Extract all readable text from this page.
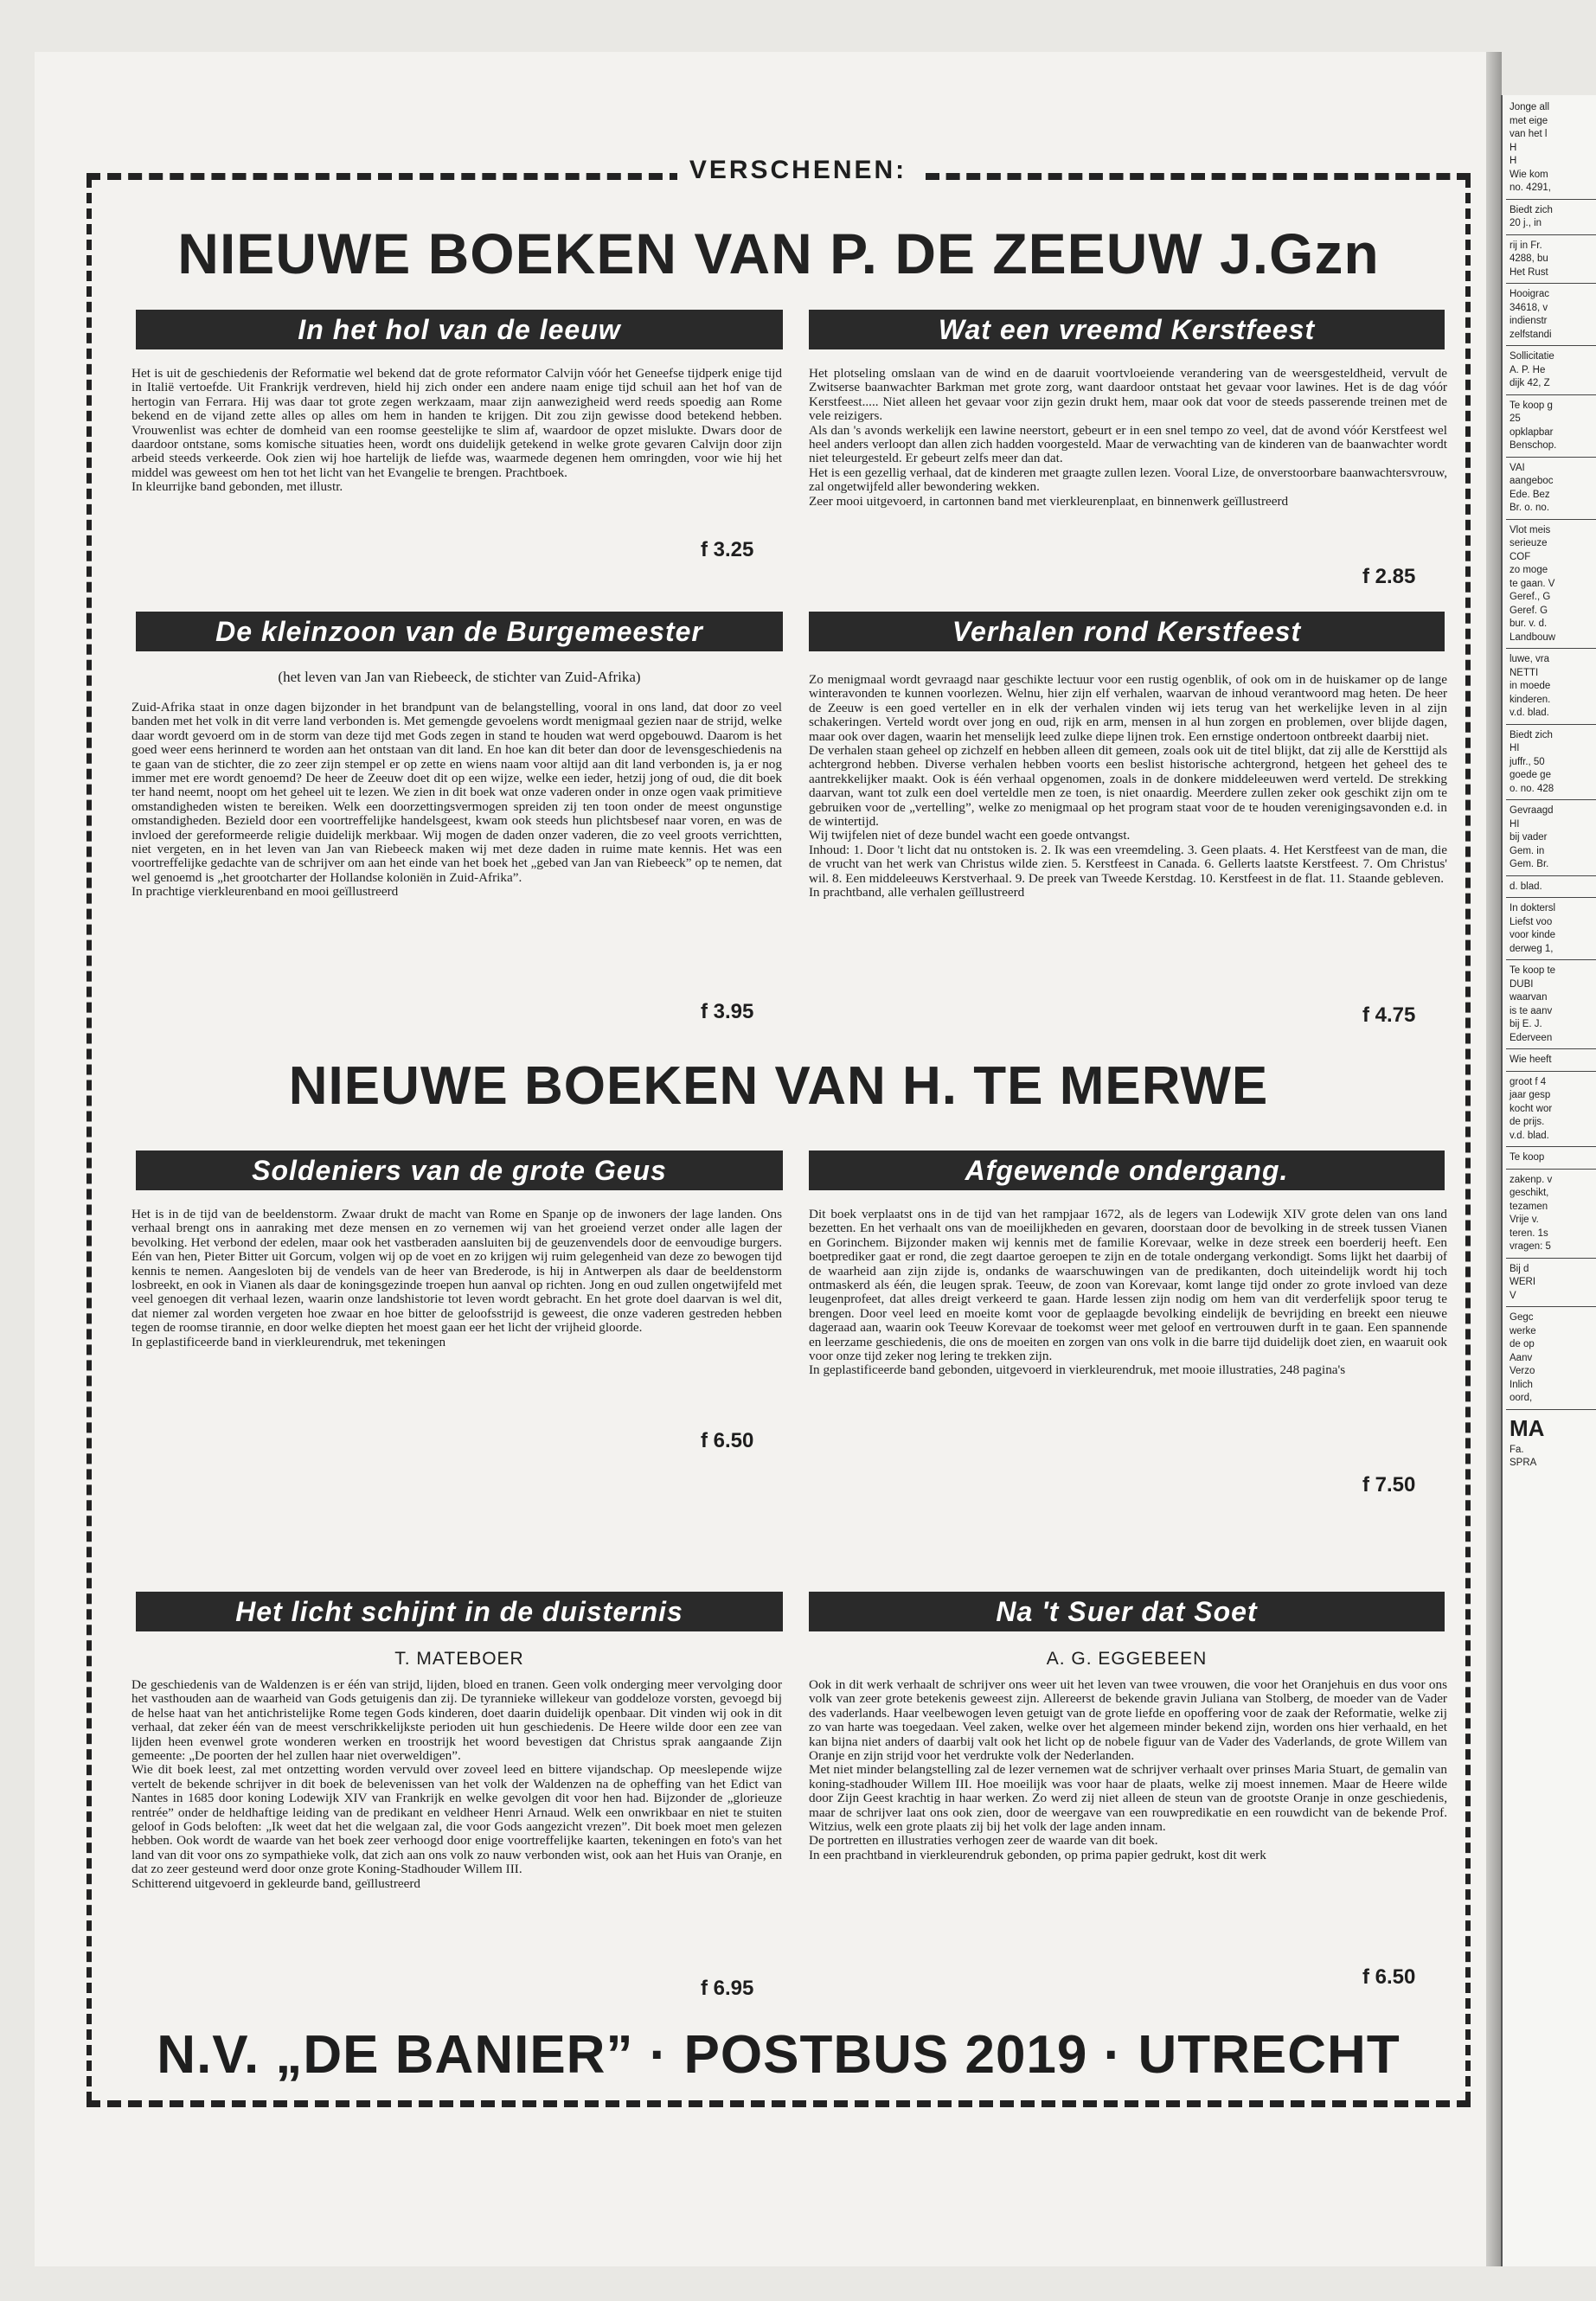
VERSCHENEN:
NIEUWE BOEKEN VAN P. DE ZEEUW J.Gzn
In het hol van de leeuw

Het is uit de geschiedenis der Reformatie wel bekend dat de grote reformator Calvijn vóór het Geneefse tijdperk enige tijd in Italië vertoefde. Uit Frankrijk verdreven, hield hij zich onder een andere naam enige tijd schuil aan het hof van de hertogin van Ferrara. Hij was daar tot grote zegen werkzaam, maar zijn aanwezigheid werd reeds spoedig aan Rome bekend en de vijand zette alles op alles om hem in handen te krijgen. Dit zou zijn gewisse dood betekend hebben. Vrouwenlist was echter de domheid van een roomse geestelijke te slim af, waardoor de opzet mislukte. Dwars door de daardoor ontstane, soms komische situaties heen, wordt ons duidelijk getekend in welke grote gevaren Calvijn door zijn arbeid steeds verkeerde. Ook zien wij hoe hartelijk de liefde was, waarmede degenen hem omringden, voor wie hij het middel was geweest om hen tot het licht van het Evangelie te brengen. Prachtboek.
In kleurrijke band gebonden, met illustr.

f 3.25
Wat een vreemd Kerstfeest

Het plotseling omslaan van de wind en de daaruit voortvloeiende verandering van de weersgesteldheid, vervult de Zwitserse baanwachter Barkman met grote zorg, want daardoor ontstaat het gevaar voor lawines. Het is de dag vóór Kerstfeest..... Niet alleen het gevaar voor zijn gezin drukt hem, maar ook dat voor de steeds passerende treinen met de vele reizigers.
Als dan 's avonds werkelijk een lawine neerstort, gebeurt er in een snel tempo zo veel, dat de avond vóór Kerstfeest wel heel anders verloopt dan allen zich hadden voorgesteld. Maar de verwachting van de kinderen van de baanwachter wordt niet teleurgesteld. Er gebeurt zelfs meer dan dat.
Het is een gezellig verhaal, dat de kinderen met graagte zullen lezen. Vooral Lize, de onverstoorbare baanwachtersvrouw, zal ongetwijfeld aller bewondering wekken.
Zeer mooi uitgevoerd, in cartonnen band met vierkleurenplaat, en binnenwerk geïllustreerd

f 2.85
De kleinzoon van de Burgemeester
(het leven van Jan van Riebeeck, de stichter van Zuid-Afrika)

Zuid-Afrika staat in onze dagen bijzonder in het brandpunt van de belangstelling, vooral in ons land, dat door zo veel banden met het volk in dit verre land verbonden is. Met gemengde gevoelens wordt menigmaal gezien naar de strijd, welke daar wordt gevoerd om in de storm van deze tijd met Gods zegen in stand te houden wat werd opgebouwd. Daarom is het goed weer eens herinnerd te worden aan het ontstaan van dit land. En hoe kan dit beter dan door de levensgeschiedenis na te gaan van de stichter, die zo zeer zijn stempel er op zette en wiens naam voor altijd aan dit land verbonden is, ja er nog immer met ere wordt genoemd? De heer de Zeeuw doet dit op een wijze, welke een ieder, hetzij jong of oud, die dit boek ter hand neemt, noopt om het geheel uit te lezen. We zien in dit boek wat onze vaderen onder in onze ogen vaak primitieve omstandigheden wisten te bereiken. Welk een doorzettingsvermogen spreiden zij ten toon onder de meest ongunstige omstandigheden. Bezield door een voortreffelijke handelsgeest, kwam ook steeds hun plichtsbesef naar voren, en was de invloed der gereformeerde religie duidelijk merkbaar. Wij mogen de daden onzer vaderen, die zo veel groots verrichtten, niet vergeten, en in het leven van Jan van Riebeeck maken wij met deze daden in ruime mate kennis. Het was een voortreffelijke gedachte van de schrijver om aan het einde van het boek het „gebed van Jan van Riebeeck” op te nemen, dat wel genoemd is „het grootcharter der Hollandse koloniën in Zuid-Afrika”.
In prachtige vierkleurenband en mooi geïllustreerd

f 3.95
Verhalen rond Kerstfeest

Zo menigmaal wordt gevraagd naar geschikte lectuur voor een rustig ogenblik, of ook om in de huiskamer op de lange winteravonden te kunnen voorlezen. Welnu, hier zijn elf verhalen, waarvan de inhoud verantwoord mag heten. De heer de Zeeuw is een goed verteller en in elk der verhalen vinden wij iets terug van het werkelijke leven in al zijn schakeringen. Verteld wordt over jong en oud, rijk en arm, mensen in al hun zorgen en problemen, over blijde dagen, maar ook over dagen, waarin het menselijk leed zulke diepe lijnen trok. Een ernstige ondertoon ontbreekt daarbij niet.
De verhalen staan geheel op zichzelf en hebben alleen dit gemeen, zoals ook uit de titel blijkt, dat zij alle de Kersttijd als achtergrond hebben. Diverse verhalen hebben voorts een beslist historische achtergrond, hetgeen het geheel des te aantrekkelijker maakt. Ook is één verhaal opgenomen, zoals in de donkere middeleeuwen werd verteld. De strekking daarvan, want tot zulk een doel verteldle men ze toen, is niet onaardig. Meerdere zullen zeker ook geschikt zijn om te gebruiken voor de „vertelling”, welke zo menigmaal op het program staat voor de te houden verenigingsavonden e.d. in de wintertijd.
Wij twijfelen niet of deze bundel wacht een goede ontvangst.
Inhoud: 1. Door 't licht dat nu ontstoken is. 2. Ik was een vreemdeling. 3. Geen plaats. 4. Het Kerstfeest van de man, die de vrucht van het werk van Christus wilde zien. 5. Kerstfeest in Canada. 6. Gellerts laatste Kerstfeest. 7. Om Christus' wil. 8. Een middeleeuws Kerstverhaal. 9. De preek van Tweede Kerstdag. 10. Kerstfeest in de flat. 11. Staande gebleven.
In prachtband, alle verhalen geïllustreerd

f 4.75
NIEUWE BOEKEN VAN H. TE MERWE
Soldeniers van de grote Geus

Het is in de tijd van de beeldenstorm. Zwaar drukt de macht van Rome en Spanje op de inwoners der lage landen. Ons verhaal brengt ons in aanraking met deze mensen en zo vernemen wij van het groeiend verzet onder alle lagen der bevolking. Het verbond der edelen, maar ook het vastberaden aansluiten bij de geuzenvendels door de eenvoudige burgers. Eén van hen, Pieter Bitter uit Gorcum, volgen wij op de voet en zo krijgen wij ruim gelegenheid van deze zo bewogen tijd kennis te nemen. Aangesloten bij de vendels van de heer van Brederode, is hij in Antwerpen als daar de beeldenstorm losbreekt, en ook in Vianen als daar de koningsgezinde troepen hun aanval op richten. Jong en oud zullen ongetwijfeld met veel genoegen dit verhaal lezen, waarin onze landshistorie tot leven wordt gebracht. En het grote doel daarvan is wel dit, dat niemer zal worden vergeten hoe zwaar en hoe bitter de geloofsstrijd is geweest, die onze vaderen gestreden hebben tegen de roomse tirannie, en door welke diepten het moest gaan eer het licht der vrijheid gloorde.
In geplastificeerde band in vierkleurendruk, met tekeningen

f 6.50
Afgewende ondergang.

Dit boek verplaatst ons in de tijd van het rampjaar 1672, als de legers van Lodewijk XIV grote delen van ons land bezetten. En het verhaalt ons van de moeilijkheden en gevaren, doorstaan door de bevolking in de streek tussen Vianen en Gorinchem. Bijzonder maken wij kennis met de familie Korevaar, welke in deze streek een boerderij heeft. Een boetprediker gaat er rond, die zegt daartoe geroepen te zijn en de totale ondergang verkondigt. Soms lijkt het daarbij of de waarheid aan zijn zijde is, ondanks de waarschuwingen van de predikanten, doch uiteindelijk wordt hij toch ontmaskerd als één, die leugen sprak. Teeuw, de zoon van Korevaar, komt lange tijd onder zo grote invloed van deze leugenprofeet, dat alles dreigt verkeerd te gaan. Harde lessen zijn nodig om hem van dit verderfelijk spoor terug te brengen. Door veel leed en moeite komt voor de geplaagde bevolking eindelijk de bevrijding en breekt een nieuwe dageraad aan, waarin ook Teeuw Korevaar de toekomst weer met geloof en vertrouwen durft in te gaan. Een spannende en leerzame geschiedenis, die ons de moeiten en zorgen van ons volk in die barre tijd duidelijk doet zien, en waaruit ook voor onze tijd zeker nog lering te trekken zijn.
In geplastificeerde band gebonden, uitgevoerd in vierkleurendruk, met mooie illustraties, 248 pagina's

f 7.50
Het licht schijnt in de duisternis
T. MATEBOER

De geschiedenis van de Waldenzen is er één van strijd, lijden, bloed en tranen. Geen volk onderging meer vervolging door het vasthouden aan de waarheid van Gods getuigenis dan zij. De tyrannieke willekeur van goddeloze vorsten, gevoegd bij de helse haat van het antichristelijke Rome tegen Gods kinderen, doet daarin duidelijk openbaar. Dit vinden wij ook in dit verhaal, dat zeker één van de meest verschrikkelijkste perioden uit hun geschiedenis. De Heere wilde door een zee van lijden heen evenwel grote wonderen werken en troostrijk het woord bevestigen dat Christus sprak aangaande Zijn gemeente: „De poorten der hel zullen haar niet overweldigen”.
Wie dit boek leest, zal met ontzetting worden vervuld over zoveel leed en bittere vijandschap. Op meeslepende wijze vertelt de bekende schrijver in dit boek de belevenissen van het volk der Waldenzen na de opheffing van het Edict van Nantes in 1685 door koning Lodewijk XIV van Frankrijk en welke gevolgen dit voor hen had. Bijzonder de „glorieuze rentrée” onder de heldhaftige leiding van de predikant en veldheer Henri Arnaud. Welk een onwrikbaar en niet te stuiten geloof in Gods beloften: „Ik weet dat het die welgaan zal, die voor Gods aangezicht vrezen”. Dit boek moet men gelezen hebben. Ook wordt de waarde van het boek zeer verhoogd door enige voortreffelijke kaarten, tekeningen en foto's van het land van dit voor ons zo sympathieke volk, dat zich aan ons volk zo nauw verbonden wist, ook aan het Huis van Oranje, en dat zo zeer gesteund werd door onze grote Koning-Stadhouder Willem III.
Schitterend uitgevoerd in gekleurde band, geïllustreerd

f 6.95
Na 't Suer dat Soet
A. G. EGGEBEEN

Ook in dit werk verhaalt de schrijver ons weer uit het leven van twee vrouwen, die voor het Oranjehuis en dus voor ons volk van zeer grote betekenis geweest zijn. Allereerst de bekende gravin Juliana van Stolberg, de moeder van de Vader des vaderlands. Haar veelbewogen leven getuigt van de grote liefde en opoffering voor de zaak der Reformatie, welke zij zo van harte was toegedaan. Veel zaken, welke over het algemeen minder bekend zijn, worden ons hier verhaald, en het kan bijna niet anders of daarbij valt ook het licht op de nobele figuur van de Vader des Vaderlands, de grote Willem van Oranje en zijn strijd voor het verdrukte volk der Nederlanden.
Met niet minder belangstelling zal de lezer vernemen wat de schrijver verhaalt over prinses Maria Stuart, de gemalin van koning-stadhouder Willem III. Hoe moeilijk was voor haar de plaats, welke zij moest innemen. Maar de Heere wilde door Zijn Geest krachtig in haar werken. Zo werd zij niet alleen de steun van de grootste Oranje in onze geschiedenis, maar de schrijver laat ons ook zien, door de weergave van een rouwpredikatie en een rouwdicht van de bekende Prof. Witzius, welk een grote plaats zij bij het volk der lage anden innam.
De portretten en illustraties verhogen zeer de waarde van dit boek.
In een prachtband in vierkleurendruk gebonden, op prima papier gedrukt, kost dit werk

f 6.50
N.V. „DE BANIER” · POSTBUS 2019 · UTRECHT
Jonge all
met eige
van het l
H
H
Wie kom
no. 4291,
Biedt zich
20 j., in
rij in Fr.
4288, bu
Het Rust
Hooigrac
34618, v
indienstr
zelfstandi
Sollicitatie
A. P. He
dijk 42, Z
Te koop g
25
opklapbar
Benschop.
VAI
aangeboc
Ede. Bez
Br. o. no.
Vlot meis
serieuze
COF
zo moge
te gaan. V
Geref., G
Geref. G
bur. v. d.
Landbouw
luwe, vra
NETTI
in moede
kinderen.
v.d. blad.
Biedt zich
HI
juffr., 50
goede ge
o. no. 428
Gevraagd
HI
bij vader
Gem. in
Gem. Br.
d. blad.
In doktersl
Liefst voo
voor kinde
derweg 1,
Te koop te
DUBI
waarvan
is te aanv
bij E. J.
Ederveen
Wie heeft
groot f 4
jaar gesp
kocht wor
de prijs.
v.d. blad.
Te koop
zakenp. v
geschikt,
tezamen
Vrije v.
teren. 1s
vragen: 5
Bij d
WERI
V
Gegc
werke
de op
Aanv
Verzo
Inlich
oord,
MA
Fa.
SPRA
